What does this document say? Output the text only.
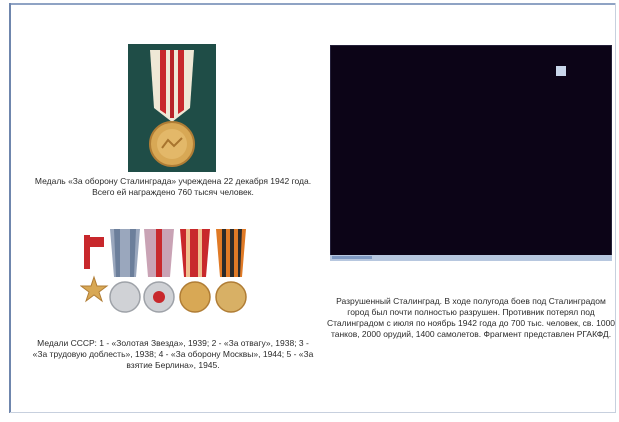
Медаль «За оборону Сталинграда» учреждена 22 декабря 1942 года. Всего ей награждено 760 тысяч человек.

Медали СССР: 1 - «Золотая Звезда», 1939; 2 - «За отвагу», 1938; 3 - «За трудовую доблесть», 1938; 4 - «За оборону Москвы», 1944; 5 - «За взятие Берлина», 1945.

Разрушенный Сталинград. В ходе полугода боев под Сталинградом город был почти полностью разрушен. Противник потерял под Сталинградом с июля по ноябрь 1942 года до 700 тыс. человек, св. 1000 танков, 2000 орудий, 1400 самолетов. Фрагмент представлен РГАКФД.
